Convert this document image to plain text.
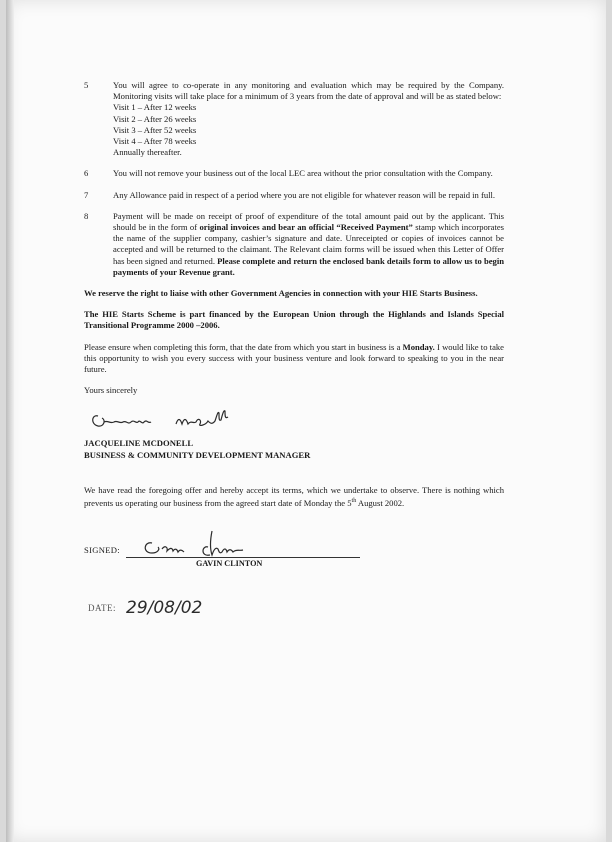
5	You will agree to co-operate in any monitoring and evaluation which may be required by the Company. Monitoring visits will take place for a minimum of 3 years from the date of approval and will be as stated below:
Visit 1 – After 12 weeks
Visit 2 – After 26 weeks
Visit 3 – After 52 weeks
Visit 4 – After 78 weeks
Annually thereafter.
6	You will not remove your business out of the local LEC area without the prior consultation with the Company.
7	Any Allowance paid in respect of a period where you are not eligible for whatever reason will be repaid in full.
8	Payment will be made on receipt of proof of expenditure of the total amount paid out by the applicant. This should be in the form of original invoices and bear an official “Received Payment” stamp which incorporates the name of the supplier company, cashier’s signature and date. Unreceipted or copies of invoices cannot be accepted and will be returned to the claimant. The Relevant claim forms will be issued when this Letter of Offer has been signed and returned. Please complete and return the enclosed bank details form to allow us to begin payments of your Revenue grant.
We reserve the right to liaise with other Government Agencies in connection with your HIE Starts Business.
The HIE Starts Scheme is part financed by the European Union through the Highlands and Islands Special Transitional Programme 2000 –2006.
Please ensure when completing this form, that the date from which you start in business is a Monday. I would like to take this opportunity to wish you every success with your business venture and look forward to speaking to you in the near future.
Yours sincerely
JACQUELINE MCDONELL
BUSINESS & COMMUNITY DEVELOPMENT MANAGER
We have read the foregoing offer and hereby accept its terms, which we undertake to observe. There is nothing which prevents us operating our business from the agreed start date of Monday the 5th August 2002.
SIGNED:
GAVIN CLINTON
DATE: 29/08/02
